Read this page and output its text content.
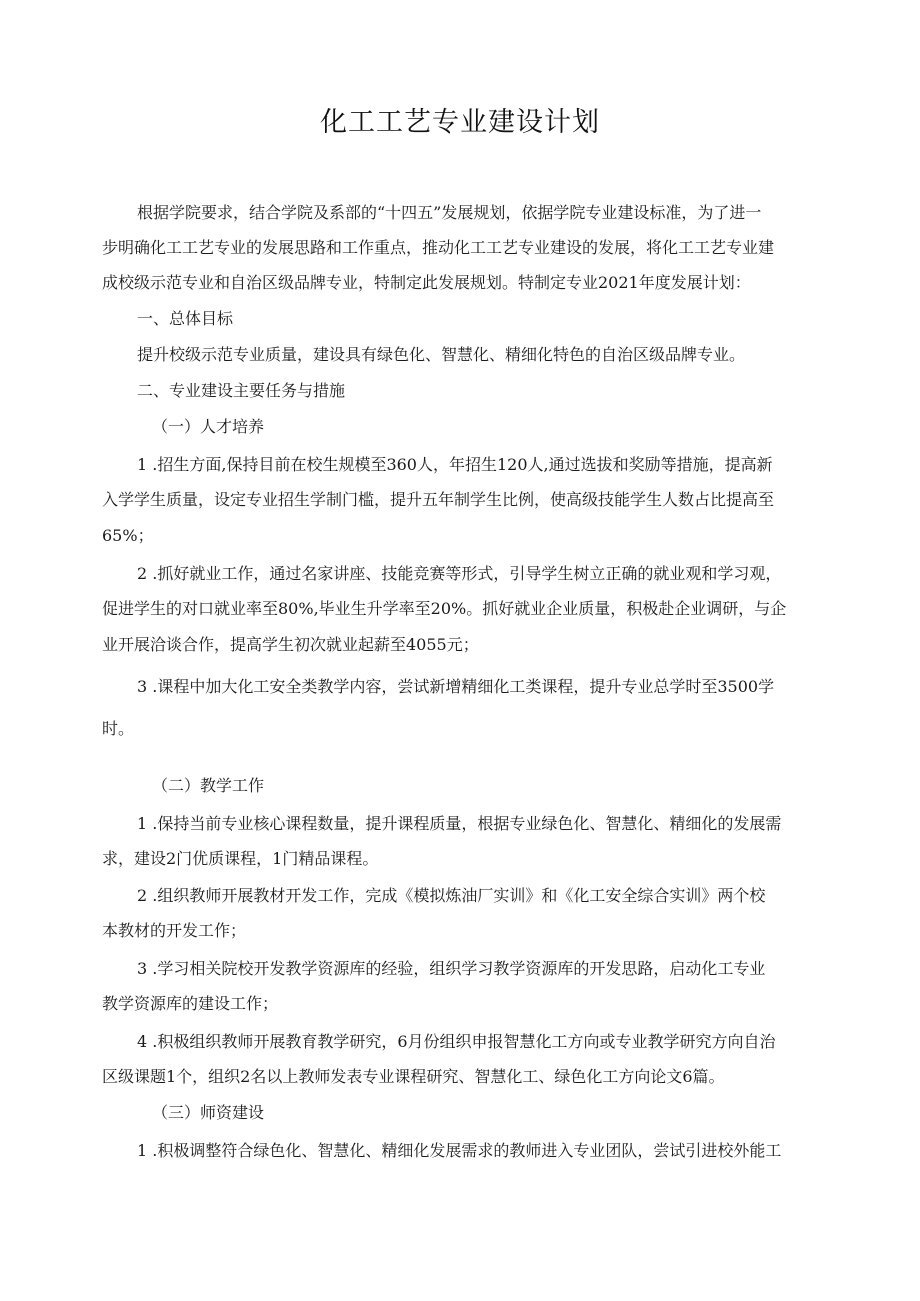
化工工艺专业建设计划
根据学院要求，结合学院及系部的“十四五”发展规划，依据学院专业建设标准，为了进一
步明确化工工艺专业的发展思路和工作重点，推动化工工艺专业建设的发展，将化工工艺专业建
成校级示范专业和自治区级品牌专业，特制定此发展规划。特制定专业2021年度发展计划：
一、总体目标
提升校级示范专业质量，建设具有绿色化、智慧化、精细化特色的自治区级品牌专业。
二、专业建设主要任务与措施
（一）人才培养
1 .招生方面,保持目前在校生规模至360人，年招生120人,通过选拔和奖励等措施，提高新
入学学生质量，设定专业招生学制门槛，提升五年制学生比例，使高级技能学生人数占比提高至
65%；
2 .抓好就业工作，通过名家讲座、技能竞赛等形式，引导学生树立正确的就业观和学习观，
促进学生的对口就业率至80%,毕业生升学率至20%。抓好就业企业质量，积极赴企业调研，与企
业开展洽谈合作，提高学生初次就业起薪至4055元；
3 .课程中加大化工安全类教学内容，尝试新增精细化工类课程，提升专业总学时至3500学
时。
（二）教学工作
1 .保持当前专业核心课程数量，提升课程质量，根据专业绿色化、智慧化、精细化的发展需
求，建设2门优质课程，1门精品课程。
2 .组织教师开展教材开发工作，完成《模拟炼油厂实训》和《化工安全综合实训》两个校
本教材的开发工作；
3 .学习相关院校开发教学资源库的经验，组织学习教学资源库的开发思路，启动化工专业
教学资源库的建设工作；
4 .积极组织教师开展教育教学研究，6月份组织申报智慧化工方向或专业教学研究方向自治
区级课题1个，组织2名以上教师发表专业课程研究、智慧化工、绿色化工方向论文6篇。
（三）师资建设
1 .积极调整符合绿色化、智慧化、精细化发展需求的教师进入专业团队，尝试引进校外能工
